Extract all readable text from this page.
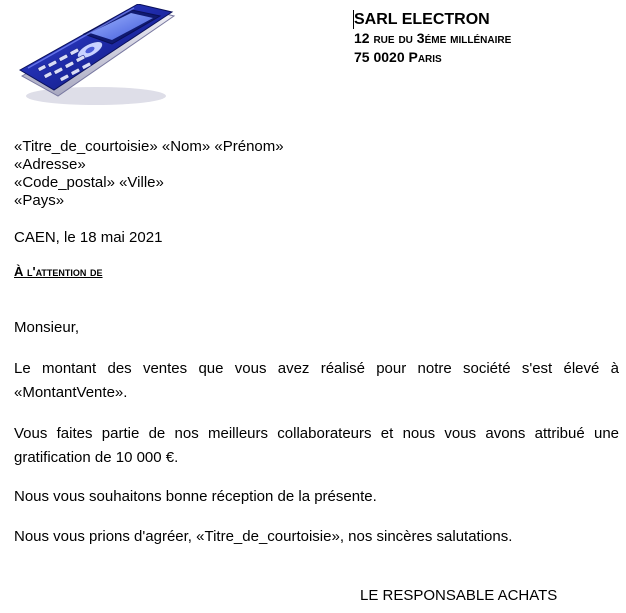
SARL ELECTRON
12 rue du 3éme millénaire
75 0020 Paris
«Titre_de_courtoisie» «Nom» «Prénom»
«Adresse»
«Code_postal» «Ville»
«Pays»
CAEN, le 18 mai 2021
À l'attention de
Monsieur,
Le montant des ventes que vous avez réalisé pour notre société s'est élevé à «MontantVente».
Vous faites partie de nos meilleurs collaborateurs et nous vous avons attribué une gratification de 10 000 €.
Nous vous souhaitons bonne réception de la présente.
Nous vous prions d'agréer, «Titre_de_courtoisie», nos sincères salutations.
LE RESPONSABLE ACHATS
